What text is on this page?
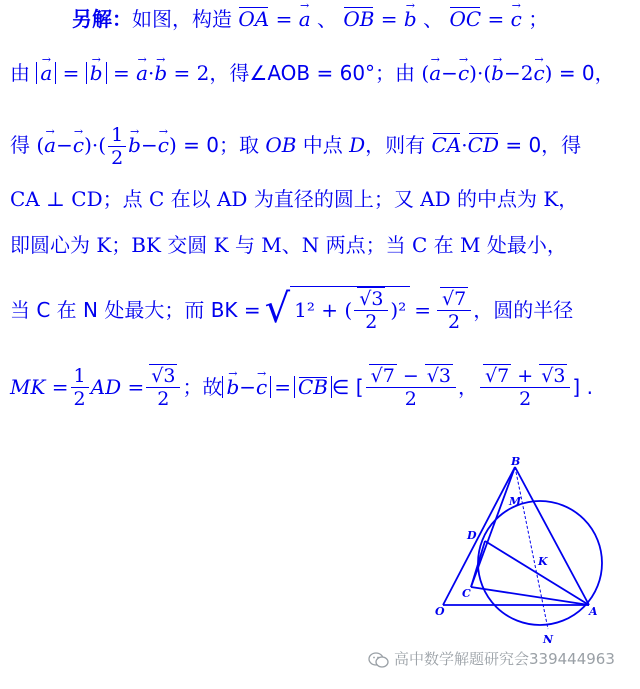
另解：如图，构造 OA = a → 、 OB = b → 、 OC = c → ；
由 a → = b → = a →·b → = 2，得∠AOB = 60°；由 (a →−c →)·(b →−2c →) = 0，
得 (a →−c →)·( $\frac{1}{2}$ b →−c →) = 0；取 OB 中点 D，则有 CA·CD = 0，得
CA ⊥ CD；点 C 在以 AD 为直径的圆上；又 AD 的中点为 K，
即圆心为 K；BK 交圆 K 与 M、N 两点；当 C 在 M 处最小，
当 C 在 N 处最大；而 BK = √ 1² + ( √ $\frac{3}{2} )^2$ = √ $\frac{7}{2}$ ，圆的半径
MK = $\frac{1}{2}$ AD = √ $\frac{3}{2}$ ；故 b →−c → = CB ∈ [ √ $\frac{7 - √ 3}{2}$ ， √ $\frac{7 + √ 3}{2}$ ] .
B
M
D
K
O
C
A
N
高中数学解题研究会339444963
